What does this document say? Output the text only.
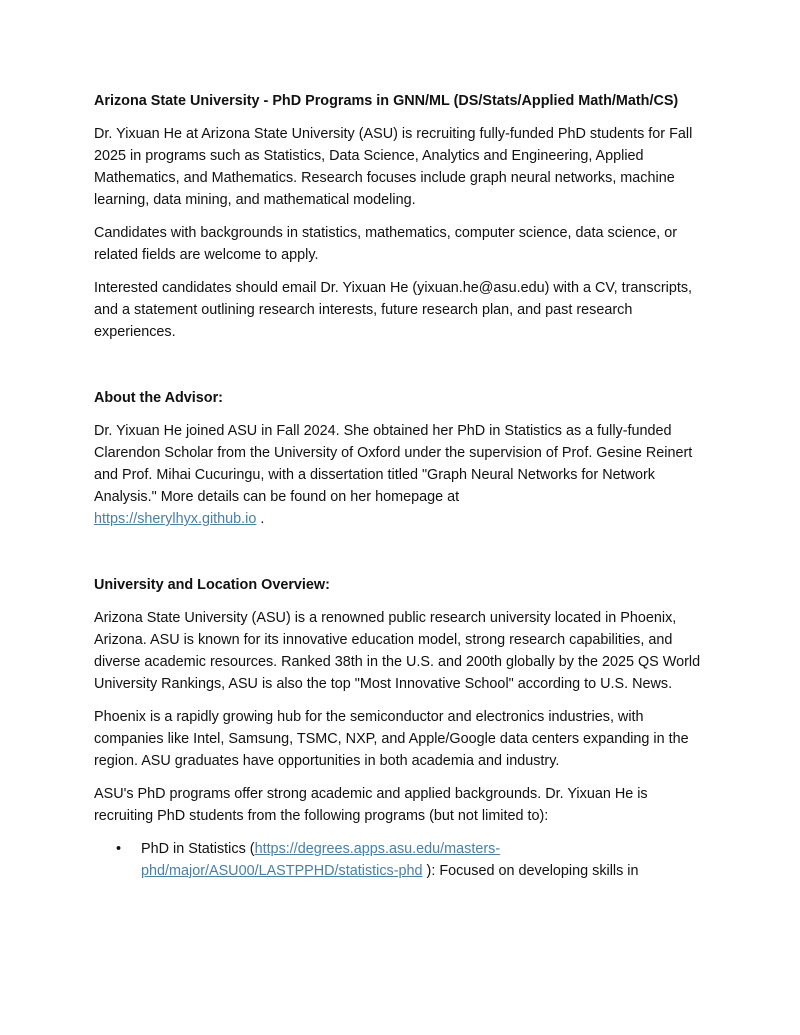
Arizona State University - PhD Programs in GNN/ML (DS/Stats/Applied Math/Math/CS)

Dr. Yixuan He at Arizona State University (ASU) is recruiting fully-funded PhD students for Fall 2025 in programs such as Statistics, Data Science, Analytics and Engineering, Applied Mathematics, and Mathematics. Research focuses include graph neural networks, machine learning, data mining, and mathematical modeling.

Candidates with backgrounds in statistics, mathematics, computer science, data science, or related fields are welcome to apply.

Interested candidates should email Dr. Yixuan He (yixuan.he@asu.edu) with a CV, transcripts, and a statement outlining research interests, future research plan, and past research experiences.

About the Advisor:

Dr. Yixuan He joined ASU in Fall 2024. She obtained her PhD in Statistics as a fully-funded Clarendon Scholar from the University of Oxford under the supervision of Prof. Gesine Reinert and Prof. Mihai Cucuringu, with a dissertation titled "Graph Neural Networks for Network Analysis." More details can be found on her homepage at
https://sherylhyx.github.io .

University and Location Overview:

Arizona State University (ASU) is a renowned public research university located in Phoenix, Arizona. ASU is known for its innovative education model, strong research capabilities, and diverse academic resources. Ranked 38th in the U.S. and 200th globally by the 2025 QS World University Rankings, ASU is also the top "Most Innovative School" according to U.S. News.

Phoenix is a rapidly growing hub for the semiconductor and electronics industries, with companies like Intel, Samsung, TSMC, NXP, and Apple/Google data centers expanding in the region. ASU graduates have opportunities in both academia and industry.

ASU's PhD programs offer strong academic and applied backgrounds. Dr. Yixuan He is recruiting PhD students from the following programs (but not limited to):

• PhD in Statistics (https://degrees.apps.asu.edu/masters-phd/major/ASU00/LASTPPHD/statistics-phd ): Focused on developing skills in
